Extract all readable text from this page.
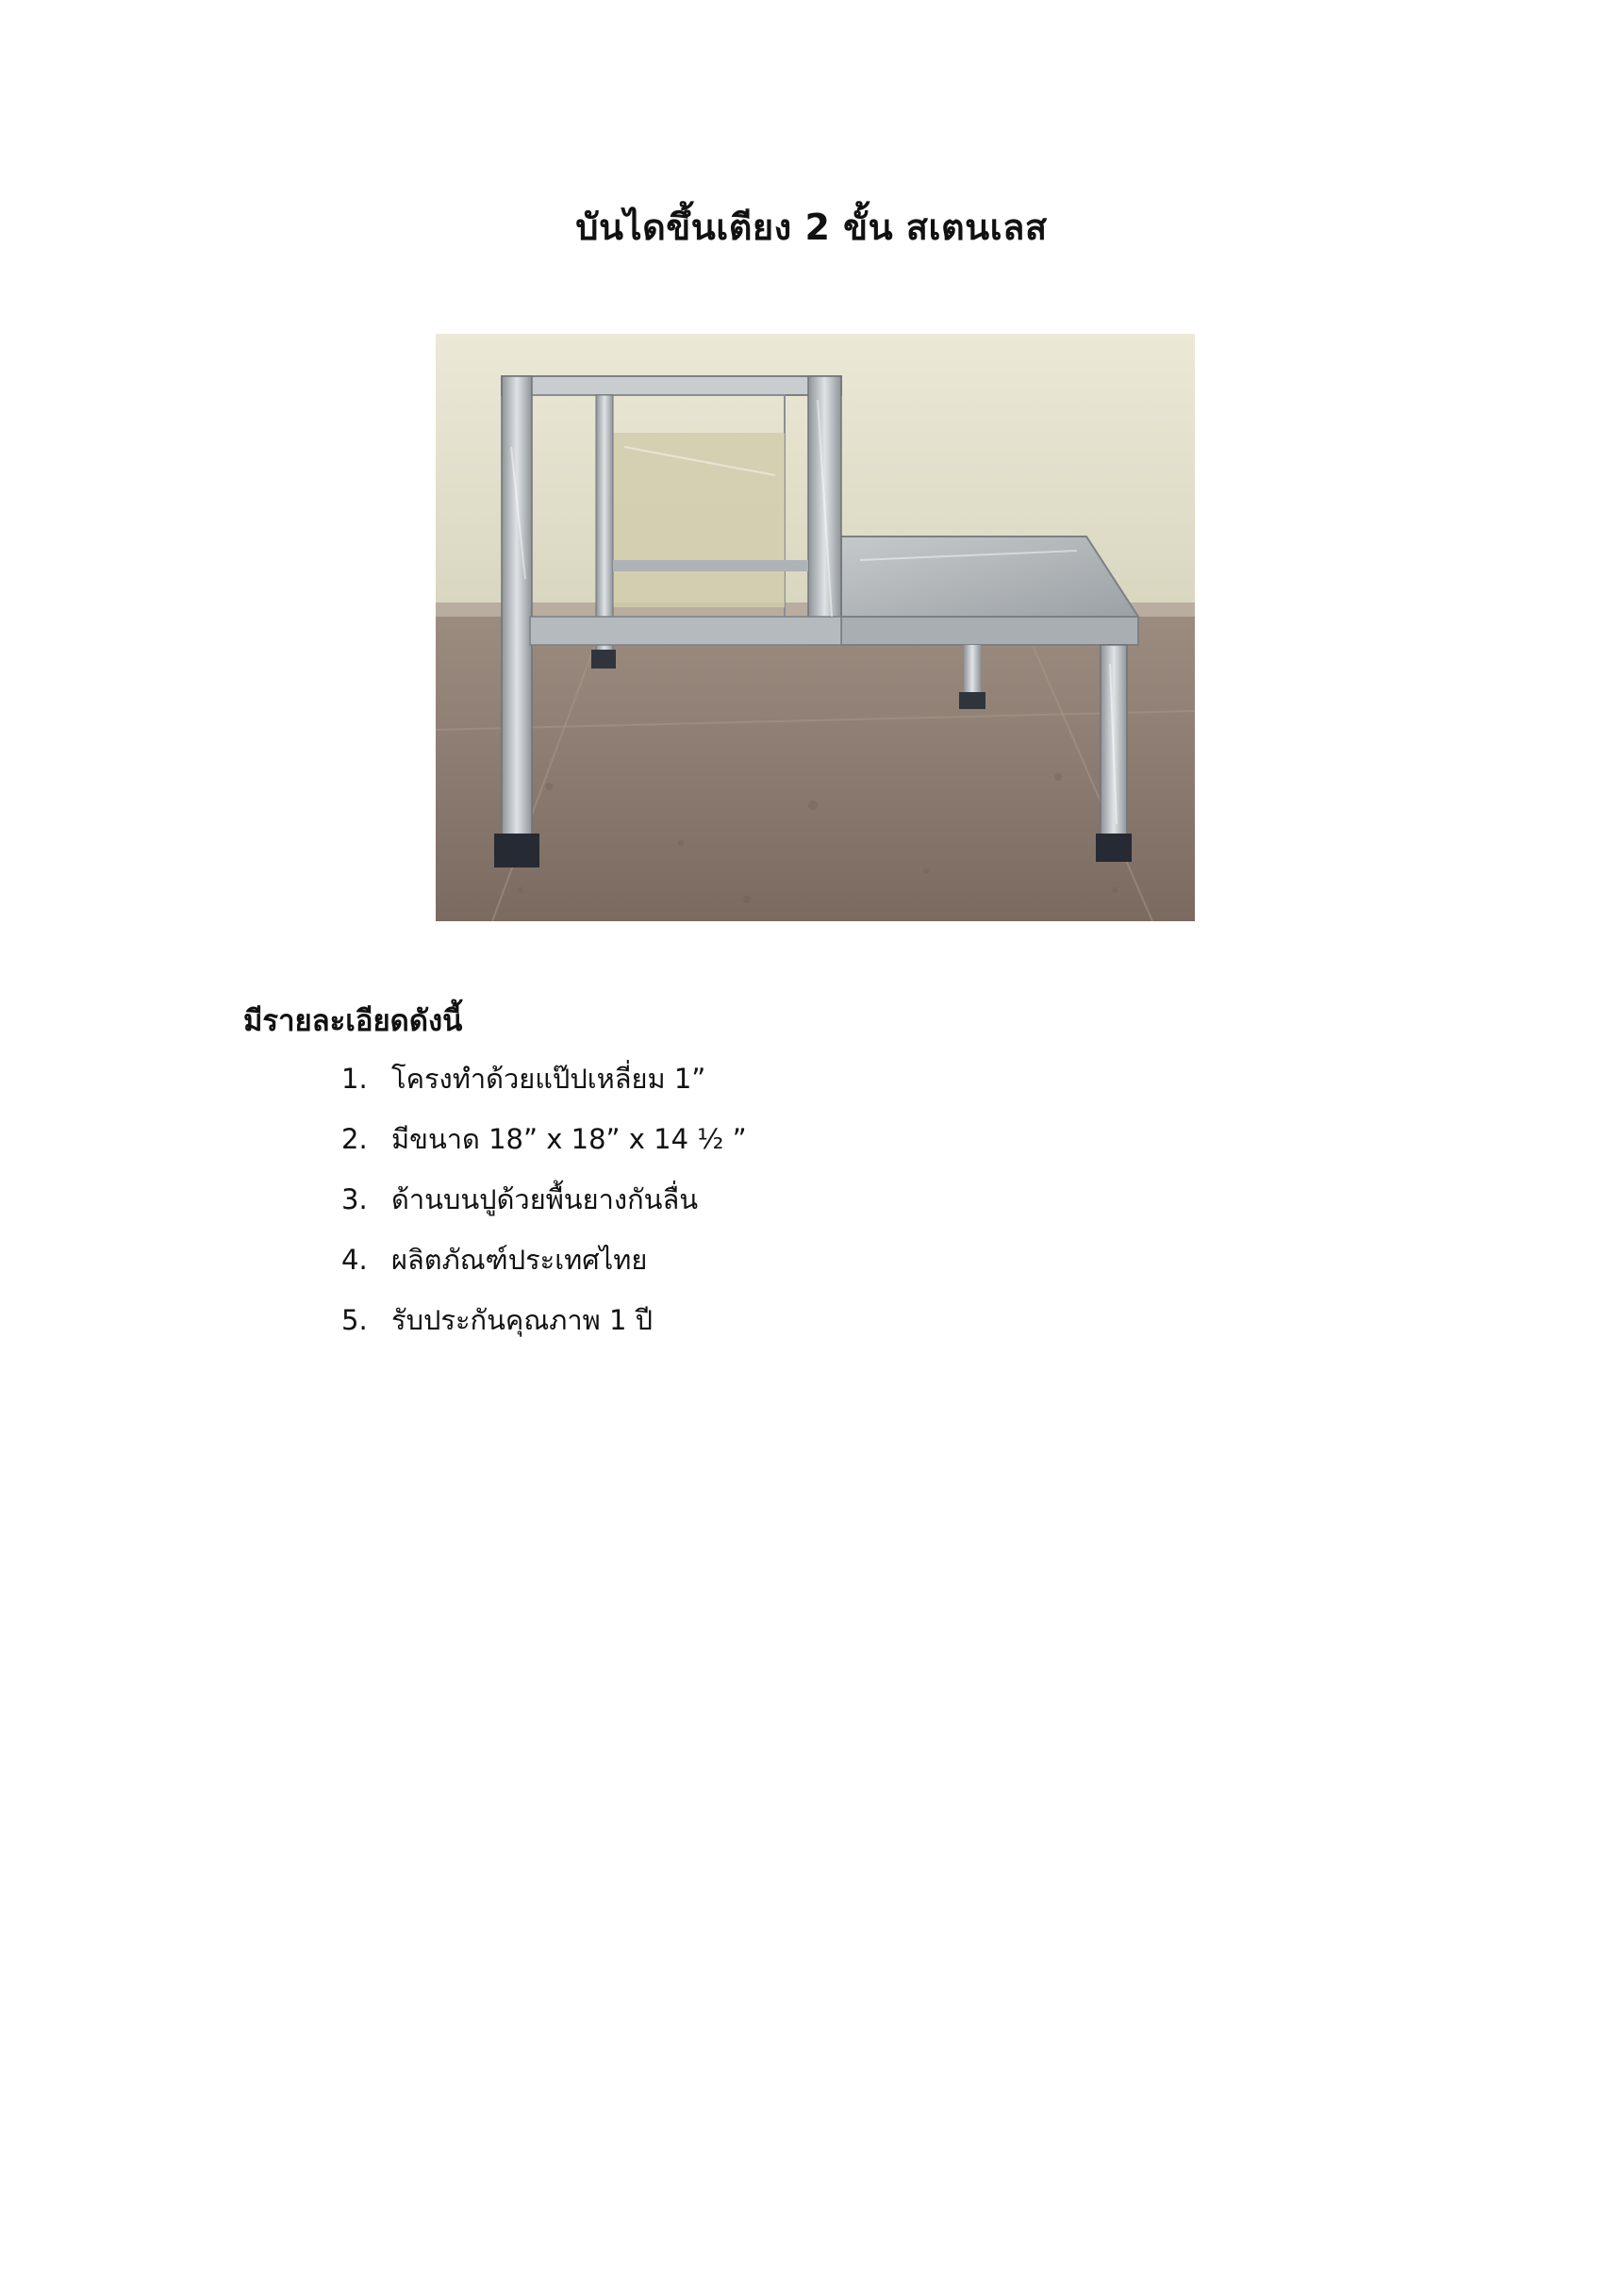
บันไดขึ้นเตียง 2 ขั้น สเตนเลส
มีรายละเอียดดังนี้
1. โครงทำด้วยแป๊ปเหลี่ยม 1”
2. มีขนาด 18” x 18” x 14 ½ ”
3. ด้านบนปูด้วยพื้นยางกันลื่น
4. ผลิตภัณฑ์ประเทศไทย
5. รับประกันคุณภาพ 1 ปี
